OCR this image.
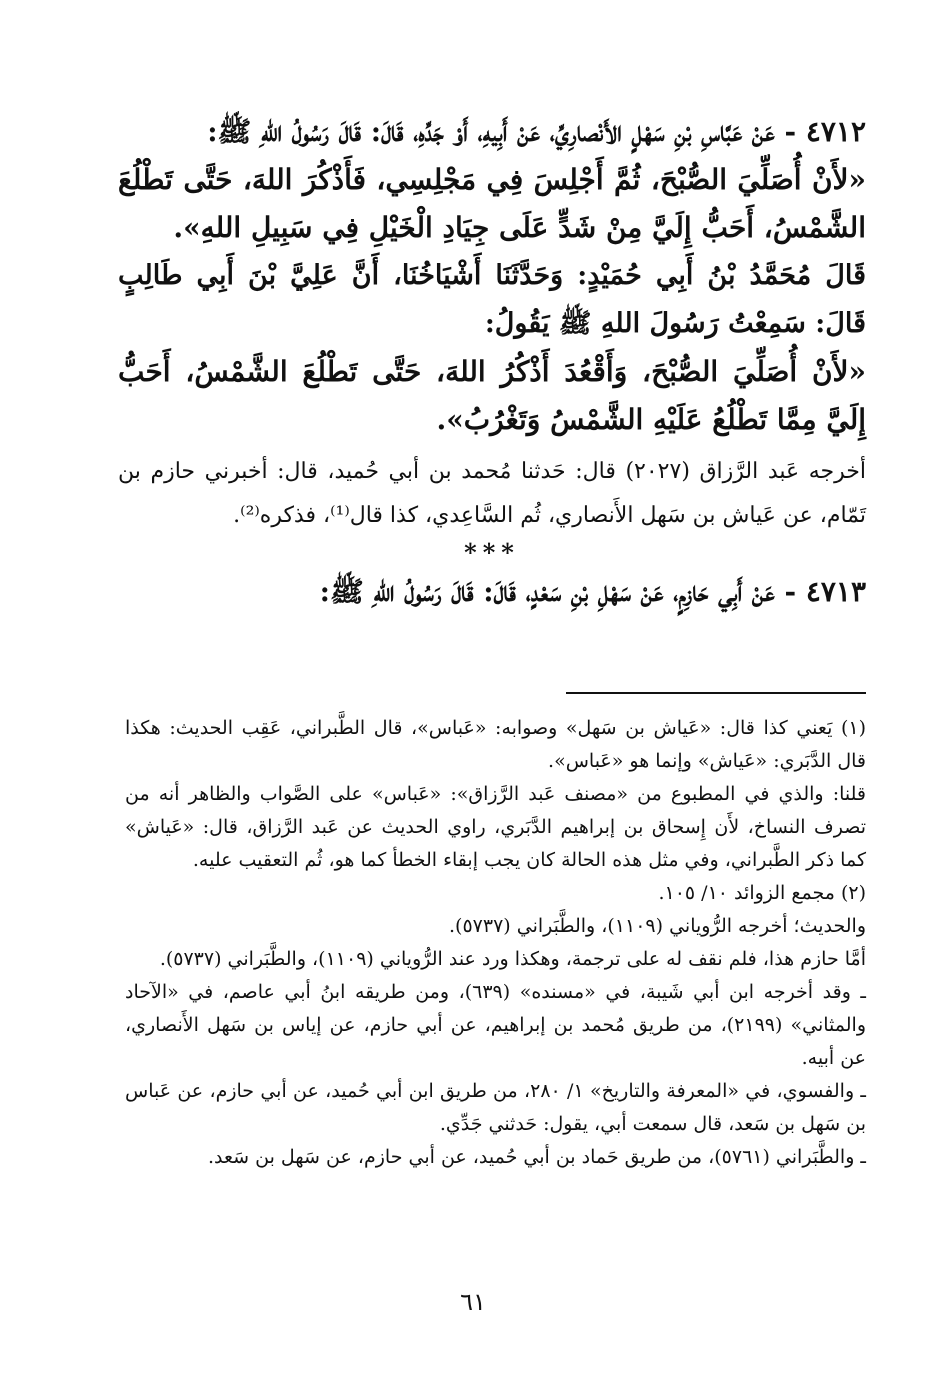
٤٧١٢ - عَنْ عَبَّاسِ بْنِ سَهْلٍ الأَنْصارِيِّ، عَنْ أَبِيهِ، أَوْ جَدِّهِ، قَالَ: قَالَ رَسُولُ اللهِ ﷺ:

«لأَنْ أُصَلِّيَ الصُّبْحَ، ثُمَّ أَجْلِسَ فِي مَجْلِسِي، فَأَذْكُرَ اللهَ، حَتَّى تَطْلُعَ الشَّمْسُ، أَحَبُّ إِلَيَّ مِنْ شَدٍّ عَلَى جِيَادِ الْخَيْلِ فِي سَبِيلِ اللهِ».

قَالَ مُحَمَّدُ بْنُ أَبِي حُمَيْدٍ: وَحَدَّثَنَا أَشْيَاخُنَا، أَنَّ عَلِيَّ بْنَ أَبِي طَالِبٍ قَالَ: سَمِعْتُ رَسُولَ اللهِ ﷺ يَقُولُ:

«لأَنْ أُصَلِّيَ الصُّبْحَ، وَأَقْعُدَ أَذْكُرُ اللهَ، حَتَّى تَطْلُعَ الشَّمْسُ، أَحَبُّ إِلَيَّ مِمَّا تَطْلُعُ عَلَيْهِ الشَّمْسُ وَتَغْرُبُ».

أخرجه عَبد الرَّزاق (٢٠٢٧) قال: حَدثنا مُحمد بن أبي حُميد، قال: أخبرني حازم بن تَمّام، عن عَياش بن سَهل الأَنصاري، ثُم السَّاعِدي، كذا قال⁽¹⁾، فذكره⁽²⁾.

***

٤٧١٣ - عَنْ أَبِي حَازِمٍ، عَنْ سَهْلِ بْنِ سَعْدٍ، قَالَ: قَالَ رَسُولُ اللهِ ﷺ:

(١) يَعني كذا قال: «عَياش بن سَهل» وصوابه: «عَباس»، قال الطَّبراني، عَقِب الحديث: هكذا قال الدَّبَري: «عَياش» وإنما هو «عَباس».

قلنا: والذي في المطبوع من «مصنف عَبد الرَّزاق»: «عَباس» على الصَّواب والظاهر أنه من تصرف النساخ، لأَن إِسحاق بن إبراهيم الدَّبَري، راوي الحديث عن عَبد الرَّزاق، قال: «عَياش» كما ذكر الطَّبراني، وفي مثل هذه الحالة كان يجب إبقاء الخطأ كما هو، ثُم التعقيب عليه.

(٢) مجمع الزوائد ١٠/ ١٠٥.

والحديث؛ أخرجه الرُّوياني (١١٠٩)، والطَّبَراني (٥٧٣٧).

أمَّا حازم هذا، فلم نقف له على ترجمة، وهكذا ورد عند الرُّوياني (١١٠٩)، والطَّبَراني (٥٧٣٧).

ـ وقد أخرجه ابن أبي شَيبة، في «مسنده» (٦٣٩)، ومن طريقه ابنُ أبي عاصم، في «الآحاد والمثاني» (٢١٩٩)، من طريق مُحمد بن إبراهيم، عن أبي حازم، عن إياس بن سَهل الأَنصاري، عن أبيه.

ـ والفسوي، في «المعرفة والتاريخ» ١/ ٢٨٠، من طريق ابن أبي حُميد، عن أبي حازم، عن عَباس بن سَهل بن سَعد، قال سمعت أبي، يقول: حَدثني جَدِّي.

ـ والطَّبَراني (٥٧٦١)، من طريق حَماد بن أبي حُميد، عن أبي حازم، عن سَهل بن سَعد.

٦١
